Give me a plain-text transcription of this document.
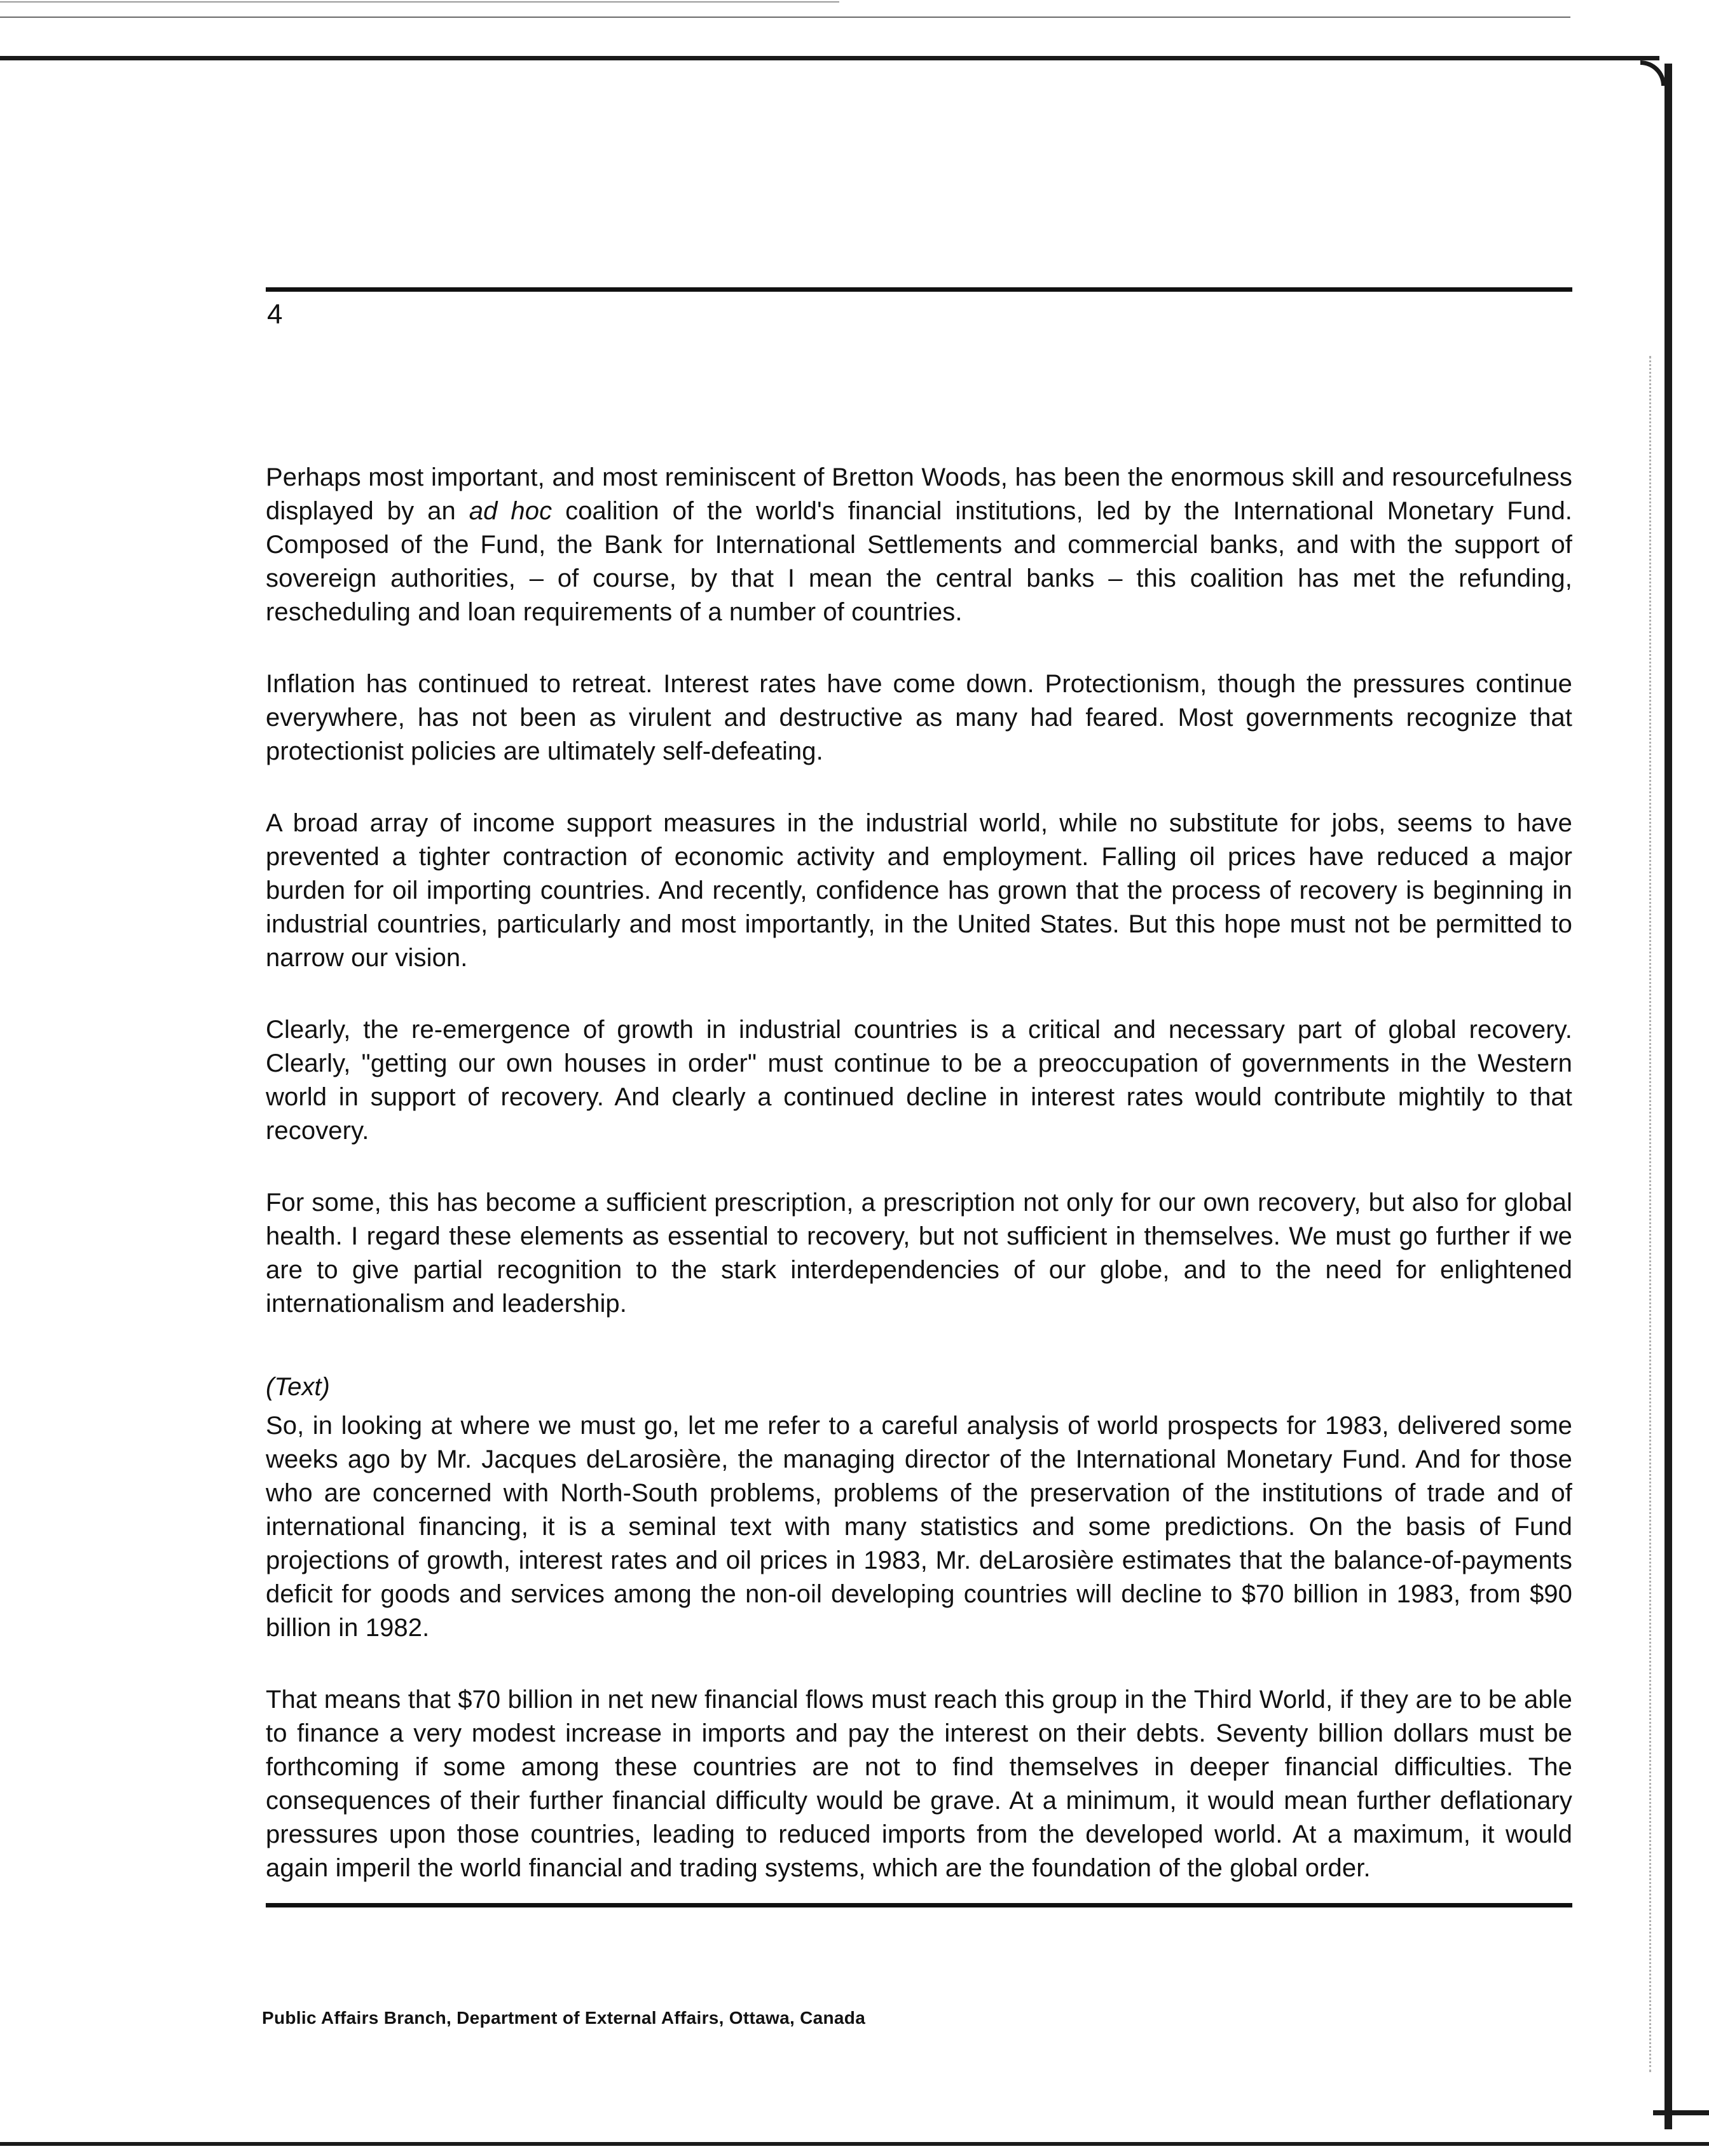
4

Perhaps most important, and most reminiscent of Bretton Woods, has been the enormous skill and resourcefulness displayed by an ad hoc coalition of the world's financial institutions, led by the International Monetary Fund. Composed of the Fund, the Bank for International Settlements and commercial banks, and with the support of sovereign authorities, – of course, by that I mean the central banks – this coalition has met the refunding, rescheduling and loan requirements of a number of countries.

Inflation has continued to retreat. Interest rates have come down. Protectionism, though the pressures continue everywhere, has not been as virulent and destructive as many had feared. Most governments recognize that protectionist policies are ultimately self-defeating.

A broad array of income support measures in the industrial world, while no substitute for jobs, seems to have prevented a tighter contraction of economic activity and employment. Falling oil prices have reduced a major burden for oil importing countries. And recently, confidence has grown that the process of recovery is beginning in industrial countries, particularly and most importantly, in the United States. But this hope must not be permitted to narrow our vision.

Clearly, the re-emergence of growth in industrial countries is a critical and necessary part of global recovery. Clearly, "getting our own houses in order" must continue to be a preoccupation of governments in the Western world in support of recovery. And clearly a continued decline in interest rates would contribute mightily to that recovery.

For some, this has become a sufficient prescription, a prescription not only for our own recovery, but also for global health. I regard these elements as essential to recovery, but not sufficient in themselves. We must go further if we are to give partial recognition to the stark interdependencies of our globe, and to the need for enlightened internationalism and leadership.

(Text)

So, in looking at where we must go, let me refer to a careful analysis of world prospects for 1983, delivered some weeks ago by Mr. Jacques deLarosière, the managing director of the International Monetary Fund. And for those who are concerned with North-South problems, problems of the preservation of the institutions of trade and of international financing, it is a seminal text with many statistics and some predictions. On the basis of Fund projections of growth, interest rates and oil prices in 1983, Mr. deLarosière estimates that the balance-of-payments deficit for goods and services among the non-oil developing countries will decline to $70 billion in 1983, from $90 billion in 1982.

That means that $70 billion in net new financial flows must reach this group in the Third World, if they are to be able to finance a very modest increase in imports and pay the interest on their debts. Seventy billion dollars must be forthcoming if some among these countries are not to find themselves in deeper financial difficulties. The consequences of their further financial difficulty would be grave. At a minimum, it would mean further deflationary pressures upon those countries, leading to reduced imports from the developed world. At a maximum, it would again imperil the world financial and trading systems, which are the foundation of the global order.

Public Affairs Branch, Department of External Affairs, Ottawa, Canada
